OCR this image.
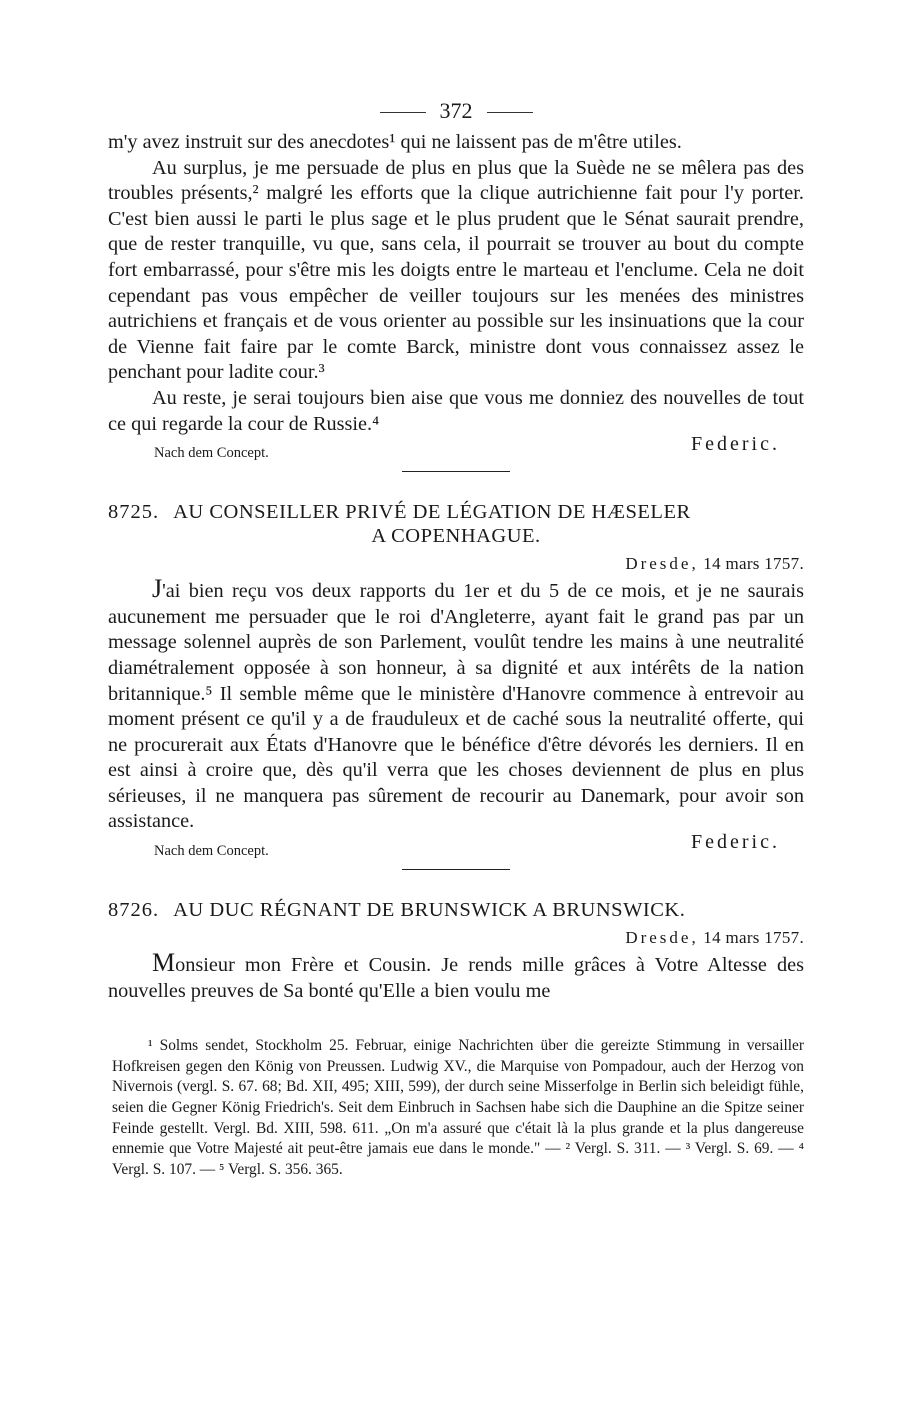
372

m'y avez instruit sur des anecdotes¹ qui ne laissent pas de m'être utiles.

Au surplus, je me persuade de plus en plus que la Suède ne se mêlera pas des troubles présents,² malgré les efforts que la clique autrichienne fait pour l'y porter. C'est bien aussi le parti le plus sage et le plus prudent que le Sénat saurait prendre, que de rester tranquille, vu que, sans cela, il pourrait se trouver au bout du compte fort embarrassé, pour s'être mis les doigts entre le marteau et l'enclume. Cela ne doit cependant pas vous empêcher de veiller toujours sur les menées des ministres autrichiens et français et de vous orienter au possible sur les insinuations que la cour de Vienne fait faire par le comte Barck, ministre dont vous connaissez assez le penchant pour ladite cour.³

Au reste, je serai toujours bien aise que vous me donniez des nouvelles de tout ce qui regarde la cour de Russie.⁴

Nach dem Concept.	Federic.
8725. AU CONSEILLER PRIVÉ DE LÉGATION DE HÆSELER
A COPENHAGUE.
Dresde, 14 mars 1757.

J'ai bien reçu vos deux rapports du 1er et du 5 de ce mois, et je ne saurais aucunement me persuader que le roi d'Angleterre, ayant fait le grand pas par un message solennel auprès de son Parlement, voulût tendre les mains à une neutralité diamétralement opposée à son honneur, à sa dignité et aux intérêts de la nation britannique.⁵ Il semble même que le ministère d'Hanovre commence à entrevoir au moment présent ce qu'il y a de frauduleux et de caché sous la neutralité offerte, qui ne procurerait aux États d'Hanovre que le bénéfice d'être dévorés les derniers. Il en est ainsi à croire que, dès qu'il verra que les choses deviennent de plus en plus sérieuses, il ne manquera pas sûrement de recourir au Danemark, pour avoir son assistance.

Nach dem Concept.	Federic.
8726. AU DUC RÉGNANT DE BRUNSWICK A BRUNSWICK.
Dresde, 14 mars 1757.

Monsieur mon Frère et Cousin. Je rends mille grâces à Votre Altesse des nouvelles preuves de Sa bonté qu'Elle a bien voulu me

¹ Solms sendet, Stockholm 25. Februar, einige Nachrichten über die gereizte Stimmung in versailler Hofkreisen gegen den König von Preussen. Ludwig XV., die Marquise von Pompadour, auch der Herzog von Nivernois (vergl. S. 67. 68; Bd. XII, 495; XIII, 599), der durch seine Misserfolge in Berlin sich beleidigt fühle, seien die Gegner König Friedrich's. Seit dem Einbruch in Sachsen habe sich die Dauphine an die Spitze seiner Feinde gestellt. Vergl. Bd. XIII, 598. 611. „On m'a assuré que c'était là la plus grande et la plus dangereuse ennemie que Votre Majesté ait peut-être jamais eue dans le monde." — ² Vergl. S. 311. — ³ Vergl. S. 69. — ⁴ Vergl. S. 107. — ⁵ Vergl. S. 356. 365.
